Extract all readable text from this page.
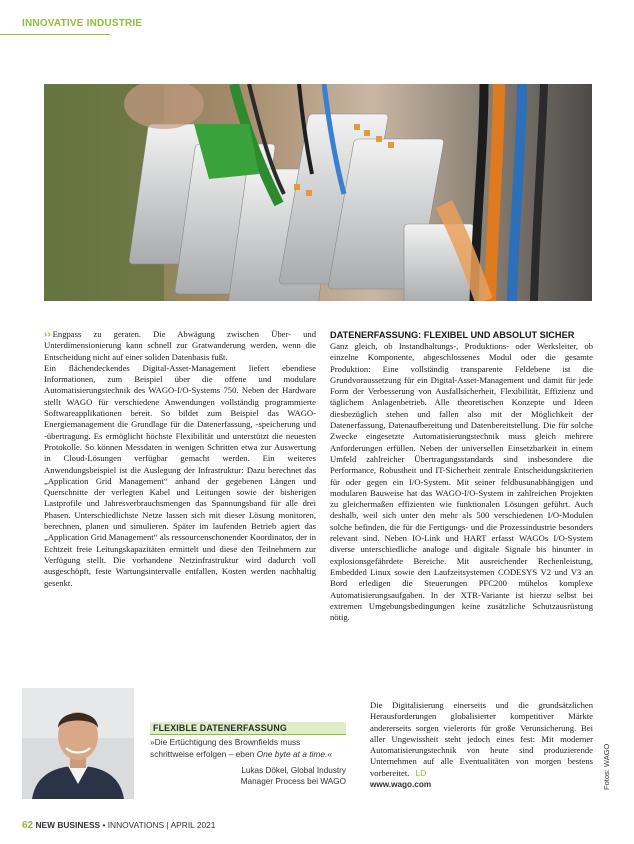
INNOVATIVE INDUSTRIE

›› Engpass zu geraten. Die Abwägung zwischen Über- und Unterdimensionierung kann schnell zur Gratwanderung werden, wenn die Entscheidung nicht auf einer soliden Datenbasis fußt.

Ein flächendeckendes Digital-Asset-Management liefert ebendiese Informationen, zum Beispiel über die offene und modulare Automatisierungstechnik des WAGO-I/O-Systems 750. Neben der Hardware stellt WAGO für verschiedene Anwendungen vollständig programmierte Softwareapplikationen bereit. So bildet zum Beispiel das WAGO-Energiemanagement die Grundlage für die Datenerfassung, -speicherung und -übertragung. Es ermöglicht höchste Flexibilität und unterstützt die neuesten Protokolle. So können Messdaten in wenigen Schritten etwa zur Auswertung in Cloud-Lösungen verfügbar gemacht werden. Ein weiteres Anwendungsbeispiel ist die Auslegung der Infrastruktur: Dazu berechnet das „Application Grid Management“ anhand der gegebenen Längen und Querschnitte der verlegten Kabel und Leitungen sowie der bisherigen Lastprofile und Jahresverbrauchsmengen das Spannungsband für alle drei Phasen. Unterschiedlichste Netze lassen sich mit dieser Lösung monitoren, berechnen, planen und simulieren. Später im laufenden Betrieb agiert das „Application Grid Management“ als ressourcenschonender Koordinator, der in Echtzeit freie Leitungskapazitäten ermittelt und diese den Teilnehmern zur Verfügung stellt. Die vorhandene Netzinfrastruktur wird dadurch voll ausgeschöpft, feste Wartungsintervalle entfallen, Kosten werden nachhaltig gesenkt.

DATENERFASSUNG: FLEXIBEL UND ABSOLUT SICHER

Ganz gleich, ob Instandhaltungs-, Produktions- oder Werksleiter, ob einzelne Komponente, abgeschlossenes Modul oder die gesamte Produktion: Eine vollständig transparente Feldebene ist die Grundvoraussetzung für ein Digital-Asset-Management und damit für jede Form der Verbesserung von Ausfallsicherheit, Flexibilität, Effizienz und täglichem Anlagenbetrieb. Alle theoretischen Konzepte und Ideen diesbezüglich stehen und fallen also mit der Möglichkeit der Datenerfassung, Datenaufbereitung und Datenbereitstellung. Die für solche Zwecke eingesetzte Automatisierungstechnik muss gleich mehrere Anforderungen erfüllen. Neben der universellen Einsetzbarkeit in einem Umfeld zahlreicher Übertragungsstandards sind insbesondere die Performance, Robustheit und IT-Sicherheit zentrale Entscheidungskriterien für oder gegen ein I/O-System. Mit seiner feldbusunabhängigen und modularen Bauweise hat das WAGO-I/O-System in zahlreichen Projekten zu gleichermaßen effizienten wie funktionalen Lösungen geführt. Auch deshalb, weil sich unter den mehr als 500 verschiedenen I/O-Modulen solche befinden, die für die Fertigungs- und die Prozessindustrie besonders relevant sind. Neben IO-Link und HART erfasst WAGOs I/O-System diverse unterschiedliche analoge und digitale Signale bis hinunter in explosionsgefährdete Bereiche. Mit ausreichender Rechenleistung, Embedded Linux sowie den Laufzeitsystemen CODESYS V2 und V3 an Bord erledigen die Steuerungen PFC200 mühelos komplexe Automatisierungsaufgaben. In der XTR-Variante ist hierzu selbst bei extremen Umgebungsbedingungen keine zusätzliche Schutzausrüstung nötig.

Die Digitalisierung einerseits und die grundsätzlichen Herausforderungen globalisierter kompetitiver Märkte andererseits sorgen vielerorts für große Verunsicherung. Bei aller Ungewissheit steht jedoch eines fest: Mit moderner Automatisierungstechnik von heute sind produzierende Unternehmen auf alle Eventualitäten von morgen bestens vorbereitet. LD

www.wago.com

FLEXIBLE DATENERFASSUNG
»Die Ertüchtigung des Brownfields muss schrittweise erfolgen – eben One byte at a time.«
Lukas Dökel, Global Industry
Manager Process bei WAGO
62 NEW BUSINESS • INNOVATIONS | APRIL 2021
Fotos: WAGO
